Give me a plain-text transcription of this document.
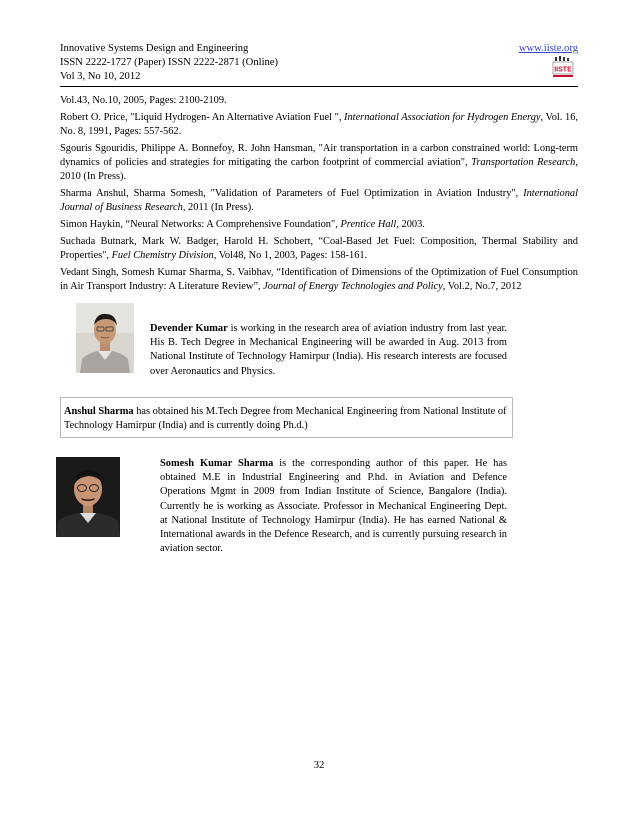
Innovative Systems Design and Engineering
ISSN 2222-1727 (Paper) ISSN 2222-2871 (Online)
Vol 3, No 10, 2012
www.iiste.org
IISTE

Vol.43, No.10, 2005, Pages: 2100-2109.

Robert O. Price, "Liquid Hydrogen- An Alternative Aviation Fuel ", International Association for Hydrogen Energy, Vol. 16, No. 8, 1991, Pages: 557-562.

Sgouris Sgouridis, Philippe A. Bonnefoy, R. John Hansman, "Air transportation in a carbon constrained world: Long-term dynamics of policies and strategies for mitigating the carbon footprint of commercial aviation", Transportation Research, 2010 (In Press).

Sharma Anshul, Sharma Somesh, "Validation of Parameters of Fuel Optimization in Aviation Industry", International Journal of Business Research, 2011 (In Press).

Simon Haykin, “Neural Networks: A Comprehensive Foundation", Prentice Hall, 2003.

Suchada Butnark, Mark W. Badger, Harold H. Schobert, “Coal-Based Jet Fuel: Composition, Thermal Stability and Properties", Fuel Chemistry Division, Vol48, No 1, 2003, Pages: 158-161.

Vedant Singh, Somesh Kumar Sharma, S. Vaibhav, “Identification of Dimensions of the Optimization of Fuel Consumption in Air Transport Industry: A Literature Review”, Journal of Energy Technologies and Policy, Vol.2, No.7, 2012

Devender Kumar is working in the research area of aviation industry from last year. His B. Tech Degree in Mechanical Engineering will be awarded in Aug. 2013 from National Institute of Technology Hamirpur (India). His research interests are focused over Aeronautics and Physics.
Anshul Sharma has obtained his M.Tech Degree from Mechanical Engineering from National Institute of Technology Hamirpur (India) and is currently doing Ph.d.)
Somesh Kumar Sharma is the corresponding author of this paper. He has obtained M.E in Industrial Engineering and P.hd. in Aviation and Defence Operations Mgmt in 2009 from Indian Institute of Science, Bangalore (India). Currently he is working as Associate. Professor in Mechanical Engineering Dept. at National Institute of Technology Hamirpur (India). He has earned National & International awards in the Defence Research, and is currently pursuing research in aviation sector.
32
